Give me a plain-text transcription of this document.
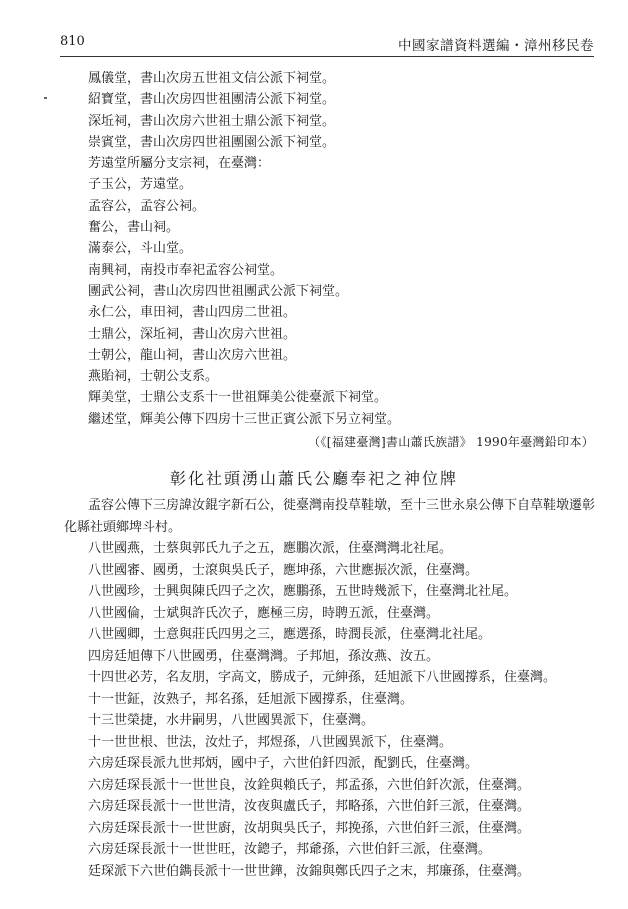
810	中國家譜資料選編・漳州移民卷
鳳儀堂，書山次房五世祖文信公派下祠堂。
紹寶堂，書山次房四世祖團清公派下祠堂。
深坵祠，書山次房六世祖士鼎公派下祠堂。
崇賓堂，書山次房四世祖團園公派下祠堂。
芳遠堂所屬分支宗祠，在臺灣：
子玉公，芳遠堂。
孟容公，孟容公祠。
奮公，書山祠。
滿泰公，斗山堂。
南興祠，南投市奉祀孟容公祠堂。
團武公祠，書山次房四世祖團武公派下祠堂。
永仁公，車田祠，書山四房二世祖。
士鼎公，深坵祠，書山次房六世祖。
士朝公，龍山祠，書山次房六世祖。
燕貽祠，士朝公支系。
輝美堂，士鼎公支系十一世祖輝美公徙臺派下祠堂。
繼述堂，輝美公傳下四房十三世正賓公派下另立祠堂。
（《[福建臺灣]書山蕭氏族譜》 1990年臺灣鉛印本）
彰化社頭湧山蕭氏公廳奉祀之神位牌
孟容公傳下三房諱汝錕字新石公，徙臺灣南投草鞋墩，至十三世永泉公傳下自草鞋墩遷彰
化縣社頭鄉埤斗村。
八世國燕，士蔡與郭氏九子之五，應鵬次派，住臺灣灣北社尾。
八世國審、國勇，士滾與吳氏子，應坤孫，六世應振次派，住臺灣。
八世國珍，士興與陳氏四子之次，應鵬孫，五世時幾派下，住臺灣北社尾。
八世國倫，士斌與許氏次子，應極三房，時聘五派，住臺灣。
八世國卿，士意與莊氏四男之三，應選孫，時潤長派，住臺灣北社尾。
四房廷旭傳下八世國勇，住臺灣灣。子邦旭，孫汝燕、汝五。
十四世必芳，名友朋，字高文，勝成子，元紳孫，廷旭派下八世國撐系，住臺灣。
十一世鉦，汝熟子，邦名孫，廷旭派下國撐系，住臺灣。
十三世榮捷，水井嗣男，八世國異派下，住臺灣。
十一世世根、世法，汝灶子，邦煜孫，八世國異派下，住臺灣。
六房廷琛長派九世邦炳，國中子，六世伯釺四派，配劉氏，住臺灣。
六房廷琛長派十一世世良，汝銓與賴氏子，邦孟孫，六世伯釺次派，住臺灣。
六房廷琛長派十一世世清，汝夜與盧氏子，邦略孫，六世伯釺三派，住臺灣。
六房廷琛長派十一世世廚，汝胡與吳氏子，邦挽孫，六世伯釺三派，住臺灣。
六房廷琛長派十一世世旺，汝鏓子，邦爺孫，六世伯釺三派，住臺灣。
廷琛派下六世伯鐫長派十一世世鏵，汝錦與鄭氏四子之末，邦廉孫，住臺灣。
